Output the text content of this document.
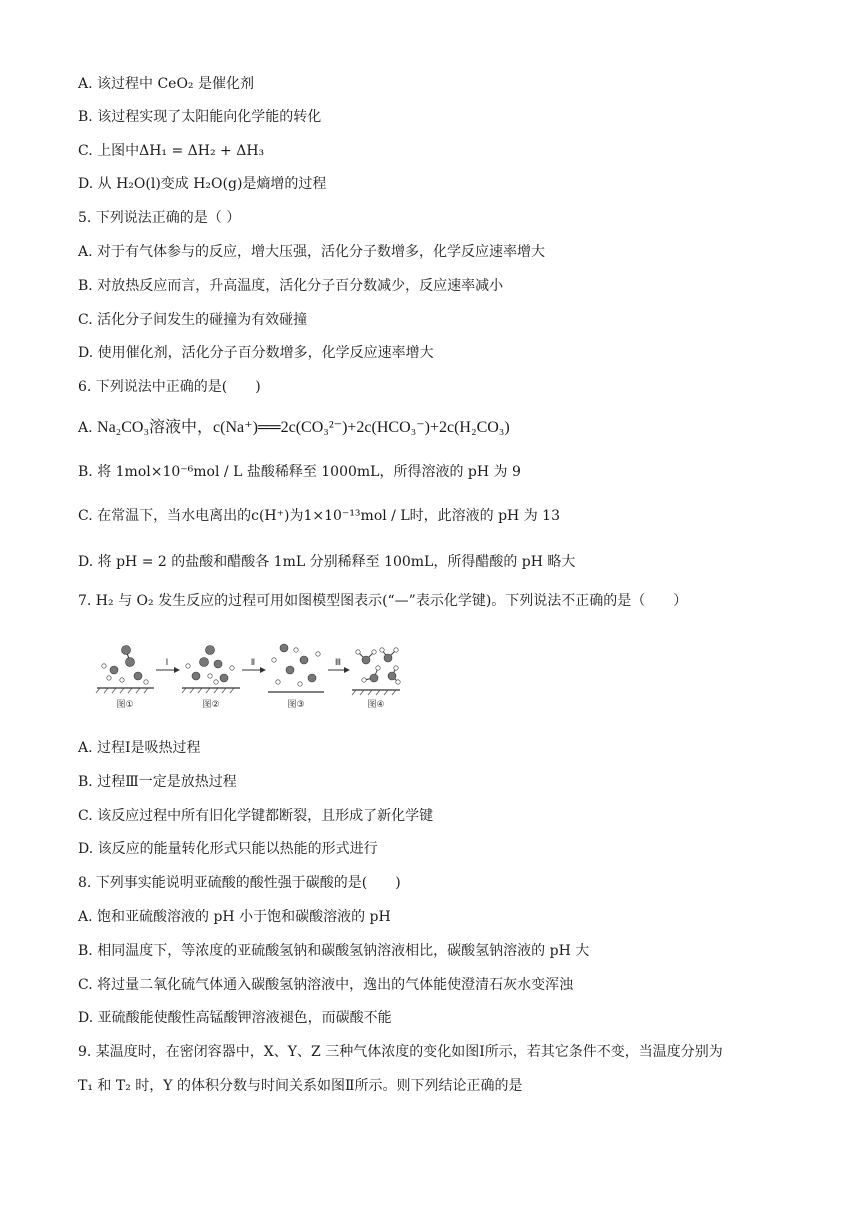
A. 该过程中 CeO₂ 是催化剂
B. 该过程实现了太阳能向化学能的转化
C. 上图中ΔH₁ = ΔH₂ + ΔH₃
D. 从 H₂O(l)变成 H₂O(g)是熵增的过程
5. 下列说法正确的是（ ）
A. 对于有气体参与的反应，增大压强，活化分子数增多，化学反应速率增大
B. 对放热反应而言，升高温度，活化分子百分数减少，反应速率减小
C. 活化分子间发生的碰撞为有效碰撞
D. 使用催化剂，活化分子百分数增多，化学反应速率增大
6. 下列说法中正确的是(　　)
A. Na₂CO₃溶液中，c(Na⁺)══2c(CO₃²⁻)+2c(HCO₃⁻)+2c(H₂CO₃)
B. 将 1mol×10⁻⁶mol / L 盐酸稀释至 1000mL，所得溶液的 pH 为 9
C. 在常温下，当水电离出的c(H⁺)为1×10⁻¹³mol / L时，此溶液的 pH 为 13
D. 将 pH = 2 的盐酸和醋酸各 1mL 分别稀释至 100mL，所得醋酸的 pH 略大
7. H₂ 与 O₂ 发生反应的过程可用如图模型图表示(“—”表示化学键)。下列说法不正确的是（　　）
图①
Ⅰ
图②
Ⅱ
图③
Ⅲ
图④
A. 过程Ⅰ是吸热过程
B. 过程Ⅲ一定是放热过程
C. 该反应过程中所有旧化学键都断裂，且形成了新化学键
D. 该反应的能量转化形式只能以热能的形式进行
8. 下列事实能说明亚硫酸的酸性强于碳酸的是(　　)
A. 饱和亚硫酸溶液的 pH 小于饱和碳酸溶液的 pH
B. 相同温度下，等浓度的亚硫酸氢钠和碳酸氢钠溶液相比，碳酸氢钠溶液的 pH 大
C. 将过量二氧化硫气体通入碳酸氢钠溶液中，逸出的气体能使澄清石灰水变浑浊
D. 亚硫酸能使酸性高锰酸钾溶液褪色，而碳酸不能
9. 某温度时，在密闭容器中，X、Y、Z 三种气体浓度的变化如图Ⅰ所示，若其它条件不变，当温度分别为
T₁ 和 T₂ 时，Y 的体积分数与时间关系如图Ⅱ所示。则下列结论正确的是
